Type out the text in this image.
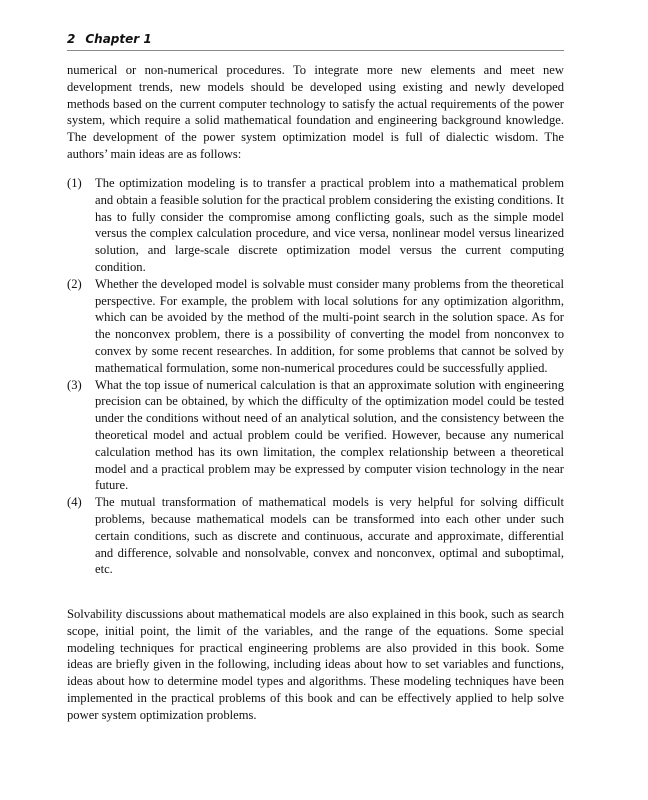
2 Chapter 1

numerical or non-numerical procedures. To integrate more new elements and meet new development trends, new models should be developed using existing and newly developed methods based on the current computer technology to satisfy the actual requirements of the power system, which require a solid mathematical foundation and engineering background knowledge. The development of the power system optimization model is full of dialectic wisdom. The authors’ main ideas are as follows:

(1) The optimization modeling is to transfer a practical problem into a mathematical problem and obtain a feasible solution for the practical problem considering the existing conditions. It has to fully consider the compromise among conflicting goals, such as the simple model versus the complex calculation procedure, and vice versa, nonlinear model versus linearized solution, and large-scale discrete optimization model versus the current computing condition.
(2) Whether the developed model is solvable must consider many problems from the theoretical perspective. For example, the problem with local solutions for any optimization algorithm, which can be avoided by the method of the multi-point search in the solution space. As for the nonconvex problem, there is a possibility of converting the model from nonconvex to convex by some recent researches. In addition, for some problems that cannot be solved by mathematical formulation, some non-numerical procedures could be successfully applied.
(3) What the top issue of numerical calculation is that an approximate solution with engineering precision can be obtained, by which the difficulty of the optimization model could be tested under the conditions without need of an analytical solution, and the consistency between the theoretical model and actual problem could be verified. However, because any numerical calculation method has its own limitation, the complex relationship between a theoretical model and a practical problem may be expressed by computer vision technology in the near future.
(4) The mutual transformation of mathematical models is very helpful for solving difficult problems, because mathematical models can be transformed into each other under such certain conditions, such as discrete and continuous, accurate and approximate, differential and difference, solvable and nonsolvable, convex and nonconvex, optimal and suboptimal, etc.

Solvability discussions about mathematical models are also explained in this book, such as search scope, initial point, the limit of the variables, and the range of the equations. Some special modeling techniques for practical engineering problems are also provided in this book. Some ideas are briefly given in the following, including ideas about how to set variables and functions, ideas about how to determine model types and algorithms. These modeling techniques have been implemented in the practical problems of this book and can be effectively applied to help solve power system optimization problems.
